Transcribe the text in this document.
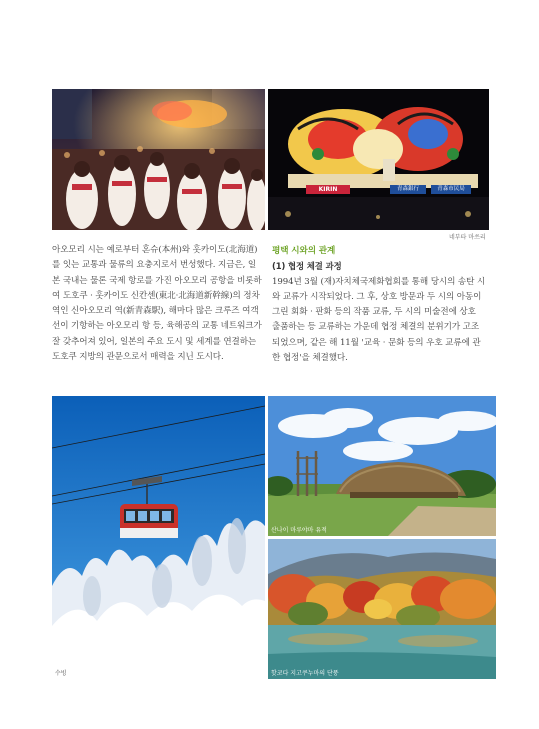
KIRIN	青森銀行	青森市民局
네부타 마쓰리
아오모리 시는 예로부터 혼슈(本州)와 홋카이도(北海道)
를 잇는 교통과 물류의 요충지로서 번성했다. 지금은, 일
본 국내는 물론 국제 항로를 가진 아오모리 공항을 비롯하
여 도호쿠 · 홋카이도 신칸센(東北·北海道新幹線)의 정차
역인 신아오모리 역(新青森駅), 해마다 많은 크루즈 여객
선이 기항하는 아오모리 항 등, 육해공의 교통 네트워크가
잘 갖추어져 있어, 일본의 주요 도시 및 세계를 연결하는
도호쿠 지방의 관문으로서 매력을 지닌 도시다.
평택 시와의 관계
(1) 협정 체결 과정
1994년 3월 (재)자치체국제화협회를 통해 당시의 송탄 시
와 교류가 시작되었다. 그 후, 상호 방문과 두 시의 아동이
그린 회화 · 판화 등의 작품 교류, 두 시의 미술전에 상호
출품하는 등 교류하는 가운데 협정 체결의 분위기가 고조
되었으며, 같은 해 11월 '교육 · 문화 등의 우호 교류에 관
한 협정'을 체결했다.
수빙
산나이 마루야마 유적
핫코다 지고쿠누마의 단풍
